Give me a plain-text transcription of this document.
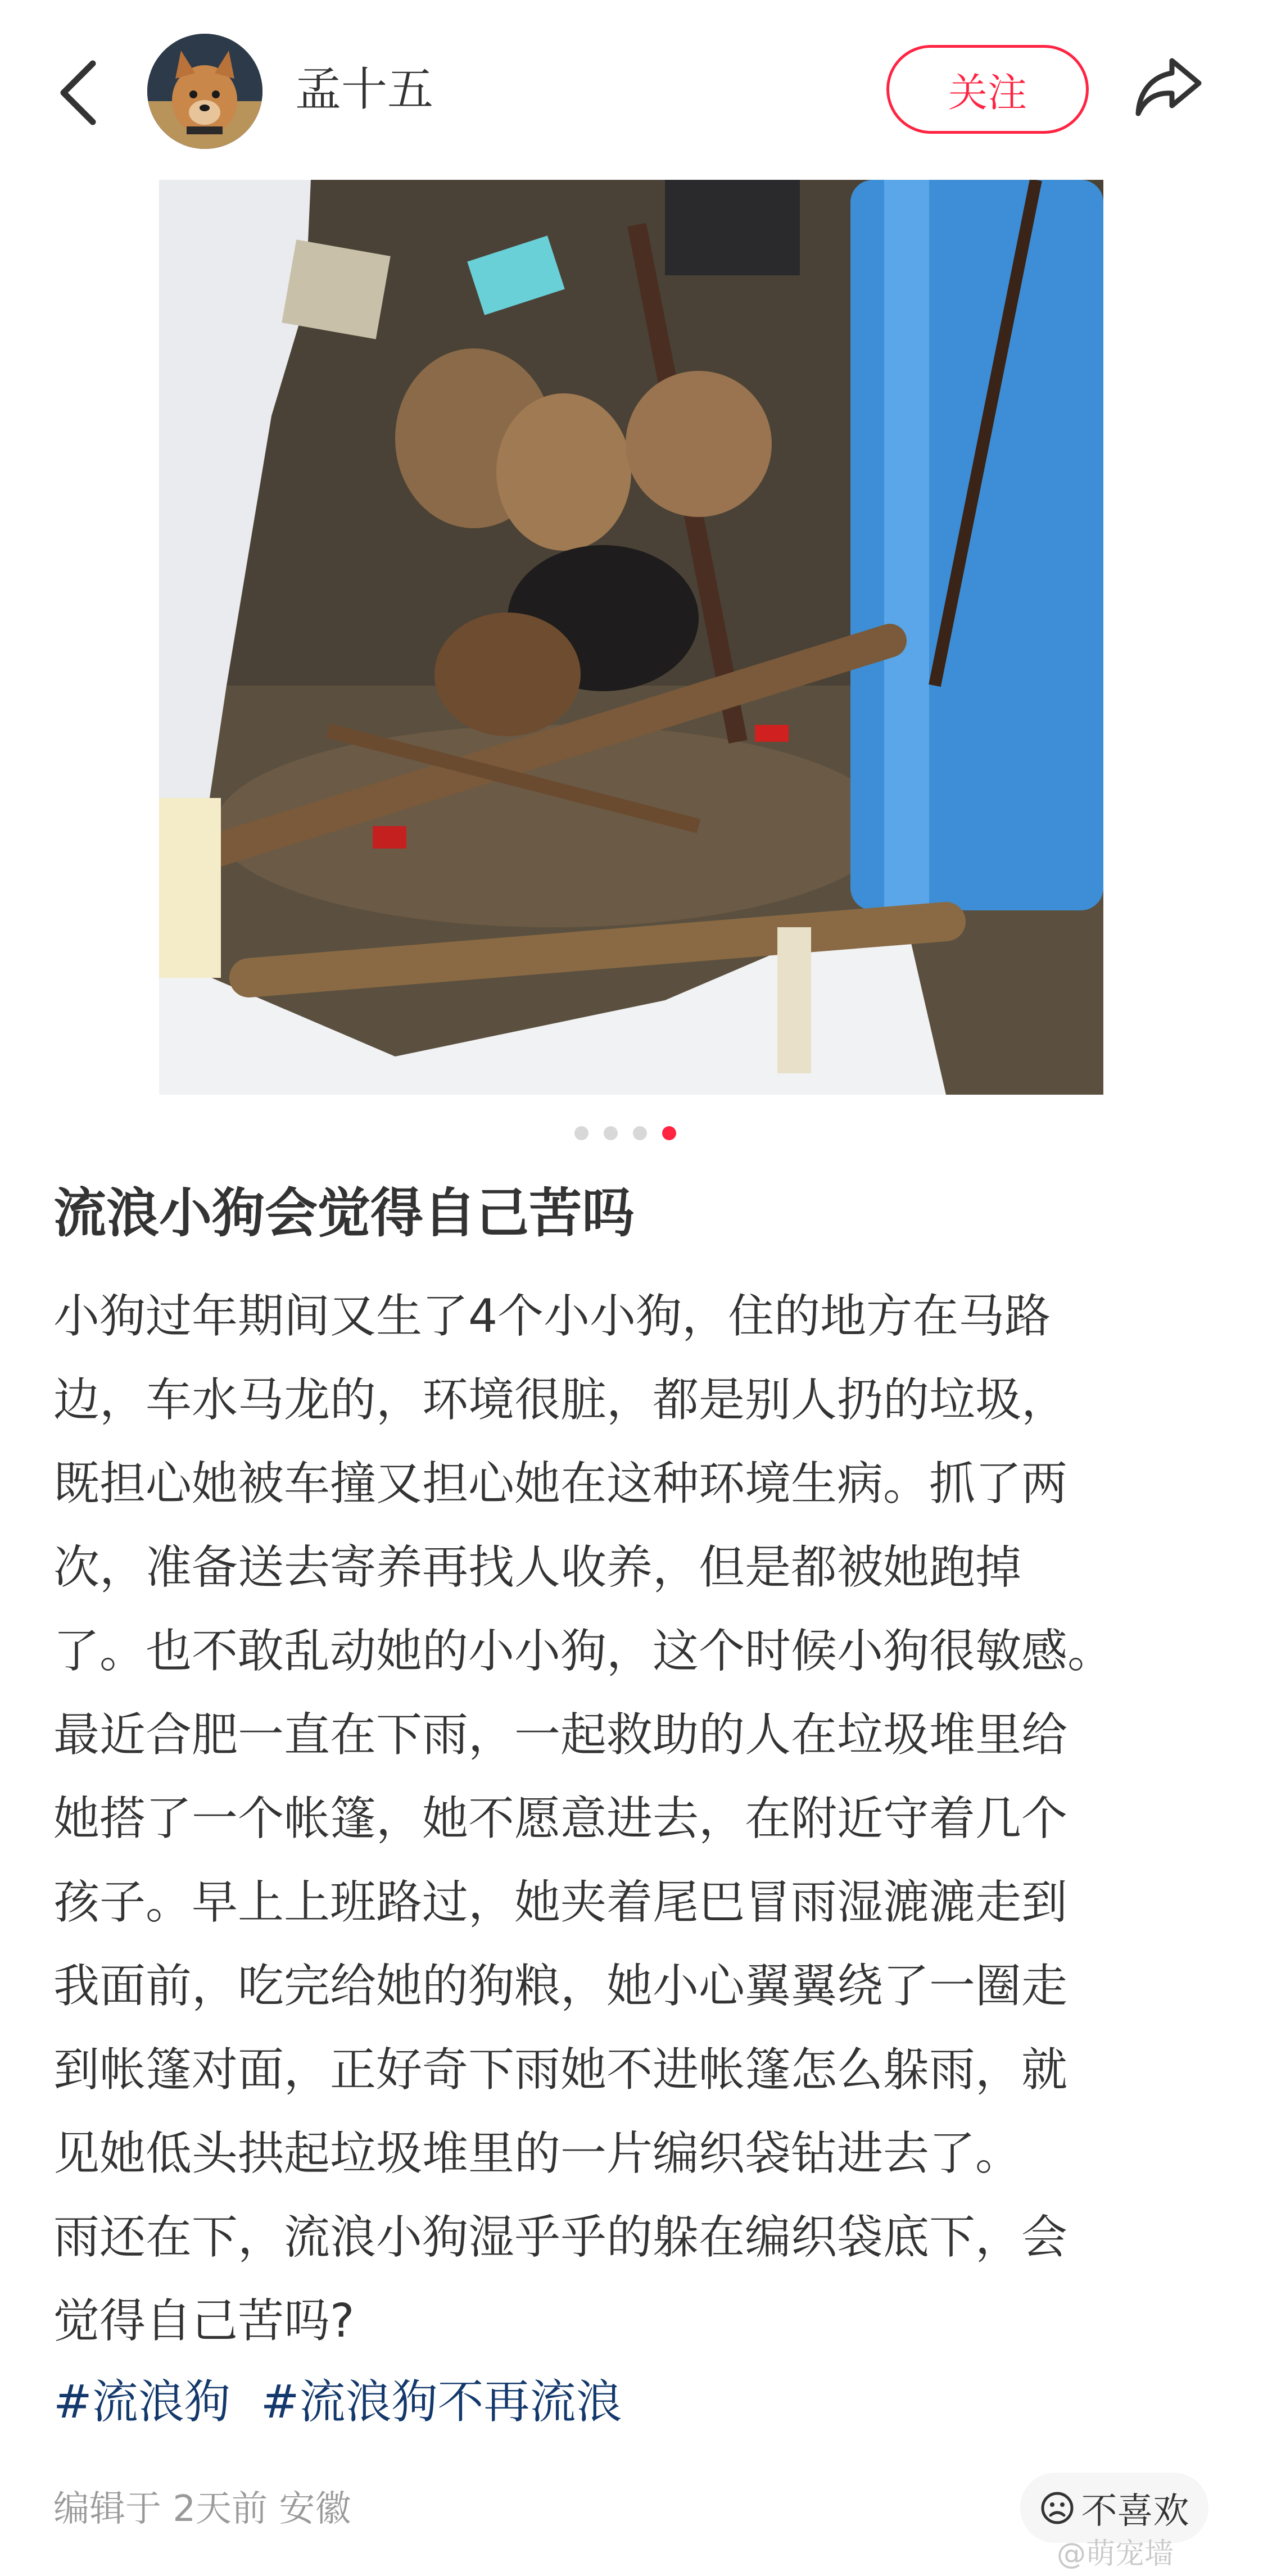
孟十五	关注
流浪小狗会觉得自己苦吗
小狗过年期间又生了4个小小狗，住的地方在马路
边，车水马龙的，环境很脏，都是别人扔的垃圾，
既担心她被车撞又担心她在这种环境生病。抓了两
次，准备送去寄养再找人收养，但是都被她跑掉
了。也不敢乱动她的小小狗，这个时候小狗很敏感。
最近合肥一直在下雨，一起救助的人在垃圾堆里给
她搭了一个帐篷，她不愿意进去，在附近守着几个
孩子。早上上班路过，她夹着尾巴冒雨湿漉漉走到
我面前，吃完给她的狗粮，她小心翼翼绕了一圈走
到帐篷对面，正好奇下雨她不进帐篷怎么躲雨，就
见她低头拱起垃圾堆里的一片编织袋钻进去了。
雨还在下，流浪小狗湿乎乎的躲在编织袋底下，会
觉得自己苦吗?
#流浪狗 #流浪狗不再流浪
编辑于 2天前 安徽	不喜欢
@萌宠墙
